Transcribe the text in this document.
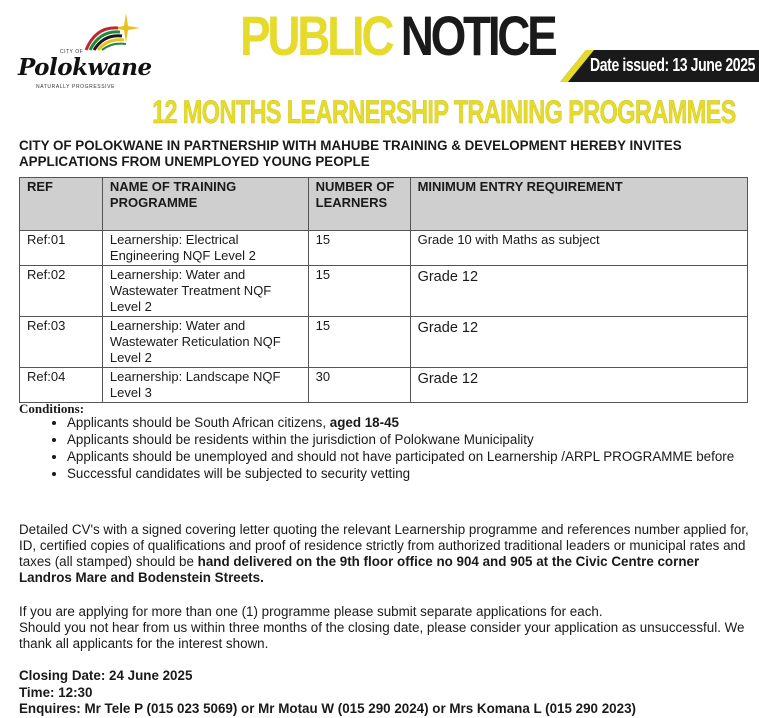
CITY OF
Polokwane
NATURALLY PROGRESSIVE
PUBLIC NOTICE Date issued: 13 June 2025
12 MONTHS LEARNERSHIP TRAINING PROGRAMMES
CITY OF POLOKWANE IN PARTNERSHIP WITH MAHUBE TRAINING & DEVELOPMENT HEREBY INVITES APPLICATIONS FROM UNEMPLOYED YOUNG PEOPLE
REF	NAME OF TRAINING PROGRAMME	NUMBER OF LEARNERS	MINIMUM ENTRY REQUIREMENT
Ref:01	Learnership: Electrical Engineering NQF Level 2	15	Grade 10 with Maths as subject
Ref:02	Learnership: Water and Wastewater Treatment NQF Level 2	15	Grade 12
Ref:03	Learnership: Water and Wastewater Reticulation NQF Level 2	15	Grade 12
Ref:04	Learnership: Landscape NQF Level 3	30	Grade 12
Conditions:
• Applicants should be South African citizens, aged 18-45
• Applicants should be residents within the jurisdiction of Polokwane Municipality
• Applicants should be unemployed and should not have participated on Learnership /ARPL PROGRAMME before
• Successful candidates will be subjected to security vetting
Detailed CV's with a signed covering letter quoting the relevant Learnership programme and references number applied for, ID, certified copies of qualifications and proof of residence strictly from authorized traditional leaders or municipal rates and taxes (all stamped) should be hand delivered on the 9th floor office no 904 and 905 at the Civic Centre corner Landros Mare and Bodenstein Streets.
If you are applying for more than one (1) programme please submit separate applications for each.
Should you not hear from us within three months of the closing date, please consider your application as unsuccessful. We thank all applicants for the interest shown.
Closing Date: 24 June 2025
Time: 12:30
Enquires: Mr Tele P (015 023 5069) or Mr Motau W (015 290 2024) or Mrs Komana L (015 290 2023)
